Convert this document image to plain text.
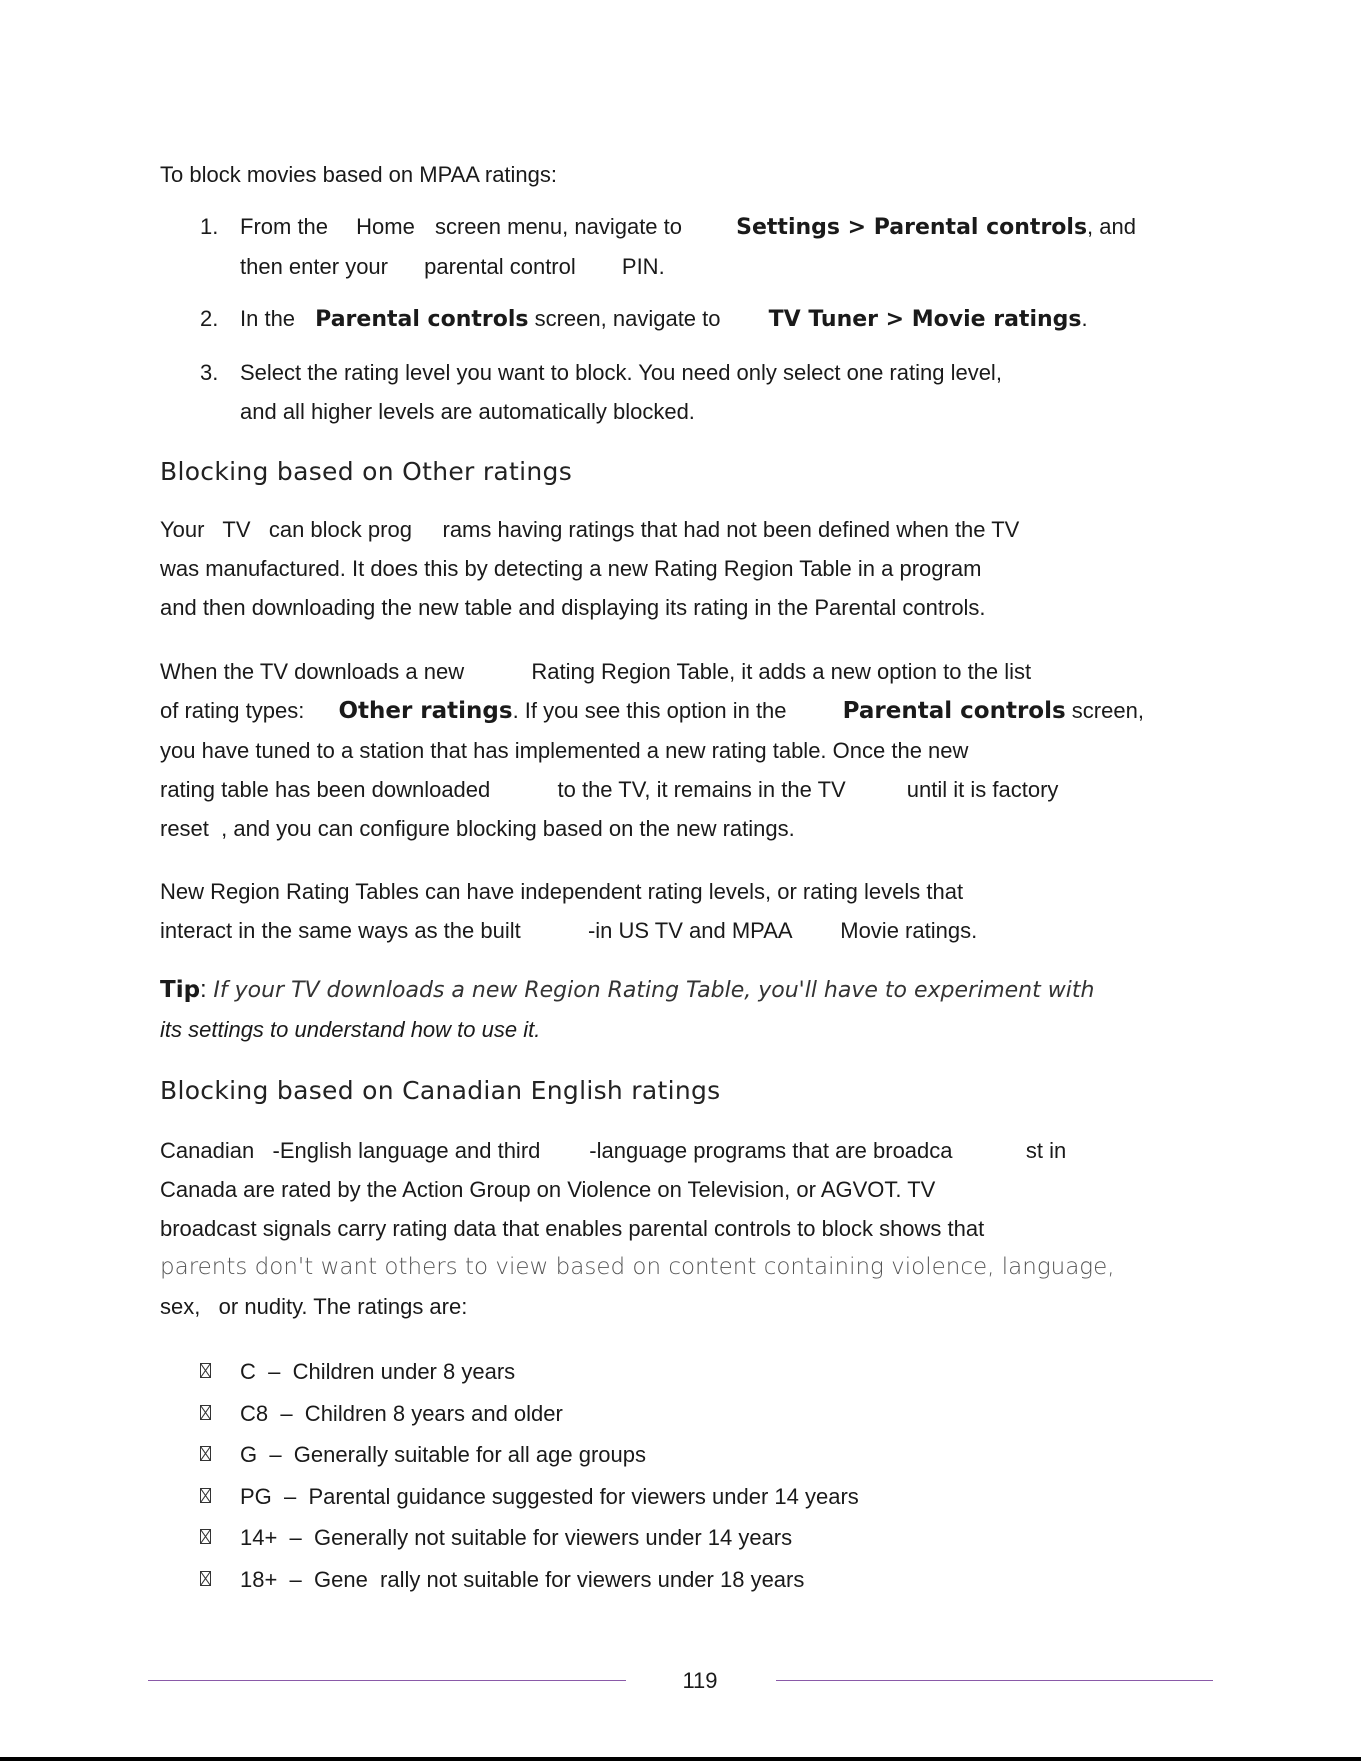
To block movies based on MPAA ratings:

1. From the Home screen menu, navigate to Settings > Parental controls, and
then enter your parental control PIN.
2. In the Parental controls screen, navigate to TV Tuner > Movie ratings.
3. Select the rating level you want to block. You need only select one rating level,
and all higher levels are automatically blocked.
Blocking based on Other ratings
Your   TV   can block prog     rams having ratings that had not been defined when the TV
was manufactured. It does this by detecting a new Rating Region Table in a program
and then downloading the new table and displaying its rating in the Parental controls.
When the TV downloads a new           Rating Region Table, it adds a new option to the list
of rating types: Other ratings. If you see this option in the Parental controls screen,
you have tuned to a station that has implemented a new rating table. Once the new
rating table has been downloaded           to the TV, it remains in the TV          until it is factory
reset  , and you can configure blocking based on the new ratings.
New Region Rating Tables can have independent rating levels, or rating levels that
interact in the same ways as the built           -in US TV and MPAA        Movie ratings.
Tip: If your TV downloads a new Region Rating Table, you'll have to experiment with
its settings to understand how to use it.
Blocking based on Canadian English ratings
Canadian   -English language and third        -language programs that are broadca            st in
Canada are rated by the Action Group on Violence on Television, or AGVOT. TV
broadcast signals carry rating data that enables parental controls to block shows that
parents don't want others to view based on content containing violence, language,
sex,   or nudity. The ratings are:
C  –  Children under 8 years
C8  –  Children 8 years and older
G  –  Generally suitable for all age groups
PG  –  Parental guidance suggested for viewers under 14 years
14+  –  Generally not suitable for viewers under 14 years
18+  –  Gene  rally not suitable for viewers under 18 years
119
